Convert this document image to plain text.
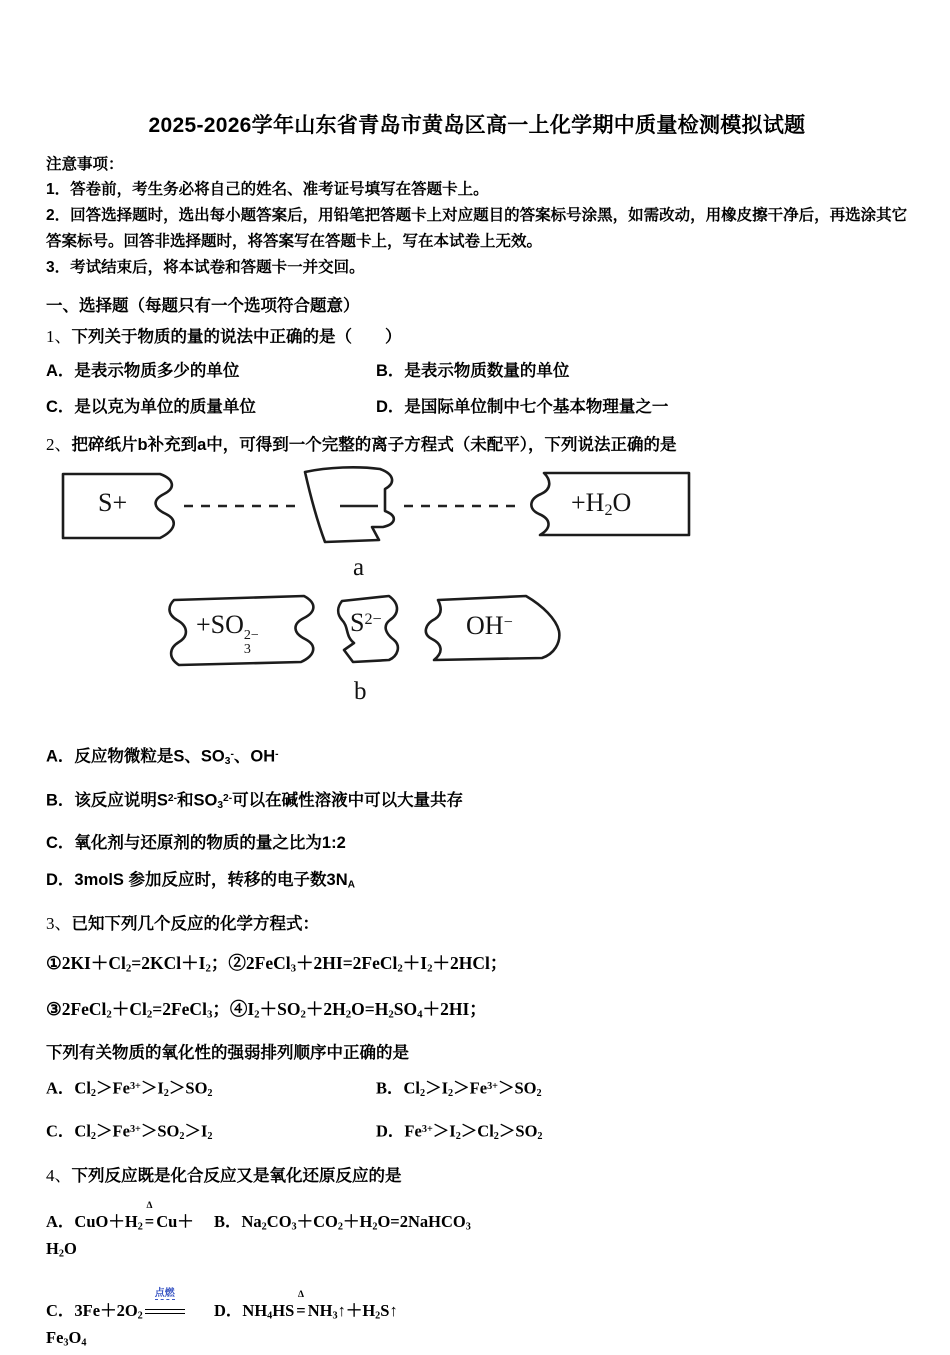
2025-2026学年山东省青岛市黄岛区高一上化学期中质量检测模拟试题
注意事项：
1．答卷前，考生务必将自己的姓名、准考证号填写在答题卡上。
2．回答选择题时，选出每小题答案后，用铅笔把答题卡上对应题目的答案标号涂黑，如需改动，用橡皮擦干净后，再选涂其它答案标号。回答非选择题时，将答案写在答题卡上，写在本试卷上无效。
3．考试结束后，将本试卷和答题卡一并交回。
一、选择题（每题只有一个选项符合题意）
1、下列关于物质的量的说法中正确的是（　　）
A．是表示物质多少的单位	B．是表示物质数量的单位
C．是以克为单位的质量单位	D．是国际单位制中七个基本物理量之一
2、把碎纸片b补充到a中，可得到一个完整的离子方程式（未配平），下列说法正确的是
S+	$+H_2O$
a
+SO 2−
3
$S^{2-}$	OH−
b
A．反应物微粒是S、$SO_3^-$、OH-
B．该反应说明$S^{2-}$和$SO_3^{2-}$可以在碱性溶液中可以大量共存
C．氧化剂与还原剂的物质的量之比为1:2
D．3molS 参加反应时，转移的电子数$3N_A$
3、已知下列几个反应的化学方程式：
$①2KI+Cl_2=2KCl+I_2$；$②2FeCl_3+2HI=2FeCl_2+I_2+2HCl$；
$③2FeCl_2+Cl_2=2FeCl_3$；$④I_2+SO_2+2H_2O=H_2SO_4+2HI$；
下列有关物质的氧化性的强弱排列顺序中正确的是
A．$Cl_2>Fe^{3+}>I_2>SO_2$	B．$Cl_2>I_2>Fe^{3+}>SO_2$
C．$Cl_2>Fe^{3+}>SO_2>I_2$	D．$Fe^{3+}>I_2>Cl_2>SO_2$
4、下列反应既是化合反应又是氧化还原反应的是
A．$CuO+H_2$ =
Δ
$Cu+H_2O$
B．$Na_2CO_3+CO_2+H_2O=2NaHCO_3$
C．$3Fe+2O_2$
点燃
$Fe_3O_4$
D．$NH_4HS$ =
Δ
$NH_3↑+H_2S↑$
